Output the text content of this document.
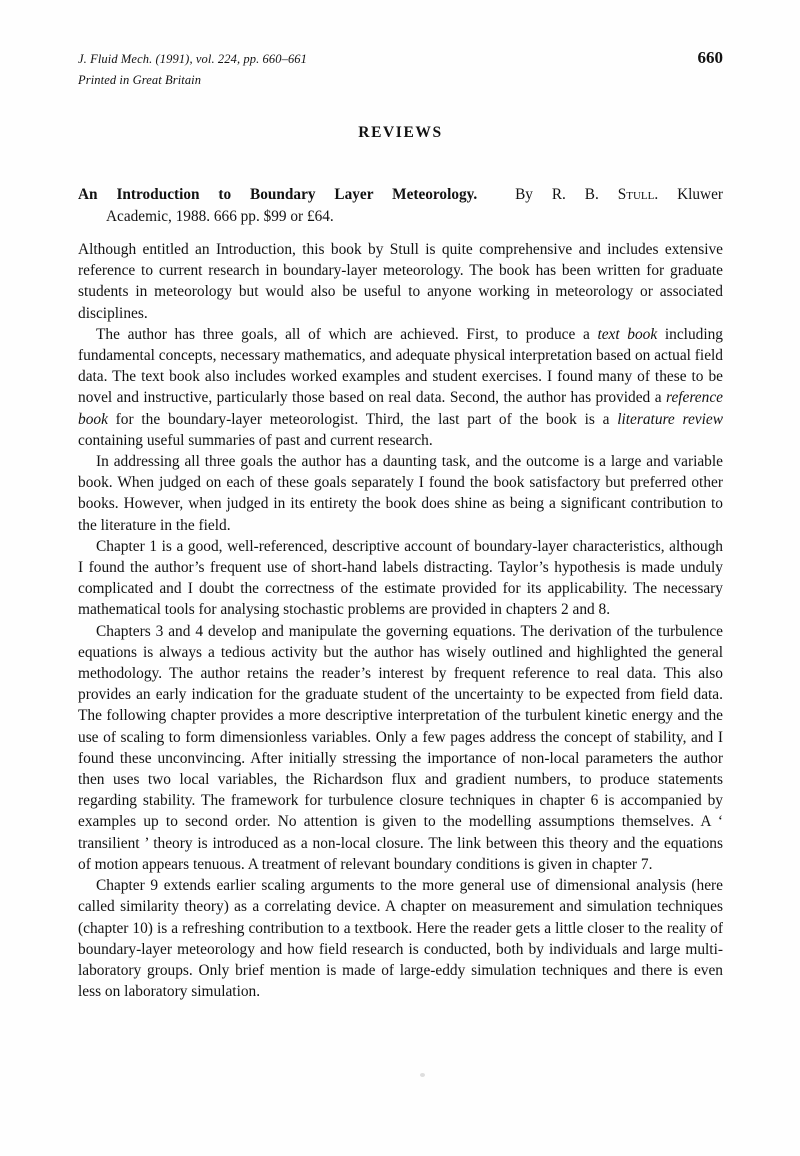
J. Fluid Mech. (1991), vol. 224, pp. 660–661
Printed in Great Britain
660
REVIEWS
An Introduction to Boundary Layer Meteorology. By R. B. Stull. Kluwer
Academic, 1988. 666 pp. $99 or £64.

Although entitled an Introduction, this book by Stull is quite comprehensive and includes extensive reference to current research in boundary-layer meteorology. The book has been written for graduate students in meteorology but would also be useful to anyone working in meteorology or associated disciplines.

The author has three goals, all of which are achieved. First, to produce a text book including fundamental concepts, necessary mathematics, and adequate physical interpretation based on actual field data. The text book also includes worked examples and student exercises. I found many of these to be novel and instructive, particularly those based on real data. Second, the author has provided a reference book for the boundary-layer meteorologist. Third, the last part of the book is a literature review containing useful summaries of past and current research.

In addressing all three goals the author has a daunting task, and the outcome is a large and variable book. When judged on each of these goals separately I found the book satisfactory but preferred other books. However, when judged in its entirety the book does shine as being a significant contribution to the literature in the field.

Chapter 1 is a good, well-referenced, descriptive account of boundary-layer characteristics, although I found the author’s frequent use of short-hand labels distracting. Taylor’s hypothesis is made unduly complicated and I doubt the correctness of the estimate provided for its applicability. The necessary mathematical tools for analysing stochastic problems are provided in chapters 2 and 8.

Chapters 3 and 4 develop and manipulate the governing equations. The derivation of the turbulence equations is always a tedious activity but the author has wisely outlined and highlighted the general methodology. The author retains the reader’s interest by frequent reference to real data. This also provides an early indication for the graduate student of the uncertainty to be expected from field data. The following chapter provides a more descriptive interpretation of the turbulent kinetic energy and the use of scaling to form dimensionless variables. Only a few pages address the concept of stability, and I found these unconvincing. After initially stressing the importance of non-local parameters the author then uses two local variables, the Richardson flux and gradient numbers, to produce statements regarding stability. The framework for turbulence closure techniques in chapter 6 is accompanied by examples up to second order. No attention is given to the modelling assumptions themselves. A ‘ transilient ’ theory is introduced as a non-local closure. The link between this theory and the equations of motion appears tenuous. A treatment of relevant boundary conditions is given in chapter 7.

Chapter 9 extends earlier scaling arguments to the more general use of dimensional analysis (here called similarity theory) as a correlating device. A chapter on measurement and simulation techniques (chapter 10) is a refreshing contribution to a textbook. Here the reader gets a little closer to the reality of boundary-layer meteorology and how field research is conducted, both by individuals and large multi-laboratory groups. Only brief mention is made of large-eddy simulation techniques and there is even less on laboratory simulation.
